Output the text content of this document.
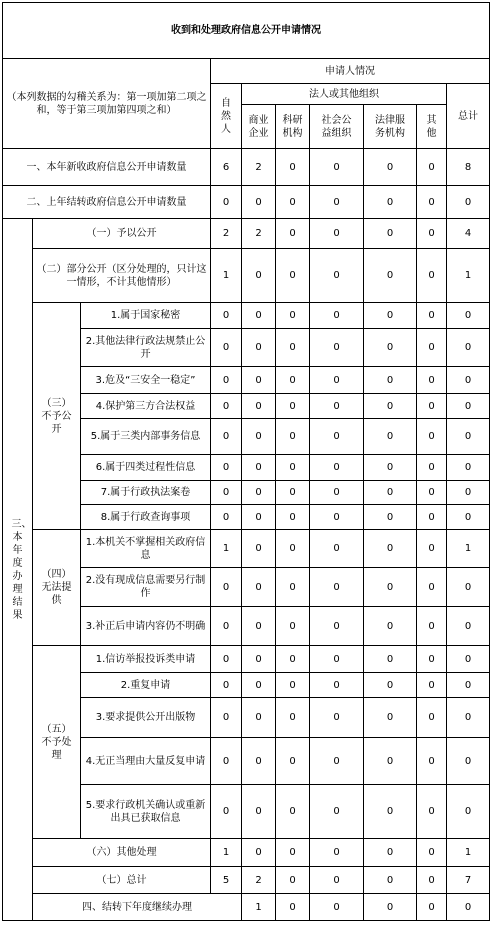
收到和处理政府信息公开申请情况										
（本列数据的勾稽关系为：第一项加第二项之和，等于第三项加第四项之和）			申请人情况							

			自然人	法人或其他组织					总计	
				商业企业	科研机构	社会公益组织	法律服务机构	其他		
一、本年新收政府信息公开申请数量			6	2	0	0	0	0	8	
二、上年结转政府信息公开申请数量			0	0	0	0	0	0	0	

三、本年度办理结果	（一）予以公开		2	2	0	0	0	0	4	
	（二）部分公开（区分处理的，只计这一情形，不计其他情形）		1	0	0	0	0	0	1	

	（三）不予公开	1.属于国家秘密	0	0	0	0	0	0	0	
		2.其他法律行政法规禁止公开	0	0	0	0	0	0	0	
		3.危及“三安全一稳定”	0	0	0	0	0	0	0	
		4.保护第三方合法权益	0	0	0	0	0	0	0	
		5.属于三类内部事务信息	0	0	0	0	0	0	0	
		6.属于四类过程性信息	0	0	0	0	0	0	0	
		7.属于行政执法案卷	0	0	0	0	0	0	0	
		8.属于行政查询事项	0	0	0	0	0	0	0	

	（四）无法提供	1.本机关不掌握相关政府信息	1	0	0	0	0	0	1	
		2.没有现成信息需要另行制作	0	0	0	0	0	0	0	
		3.补正后申请内容仍不明确	0	0	0	0	0	0	0	

	（五）不予处理	1.信访举报投诉类申请	0	0	0	0	0	0	0	
		2.重复申请	0	0	0	0	0	0	0	
		3.要求提供公开出版物	0	0	0	0	0	0	0	
		4.无正当理由大量反复申请	0	0	0	0	0	0	0	
		5.要求行政机关确认或重新出具已获取信息	0	0	0	0	0	0	0	
	（六）其他处理		1	0	0	0	0	0	1	
	（七）总计		5	2	0	0	0	0	7	
	四、结转下年度继续办理			1	0	0	0	0	0	
